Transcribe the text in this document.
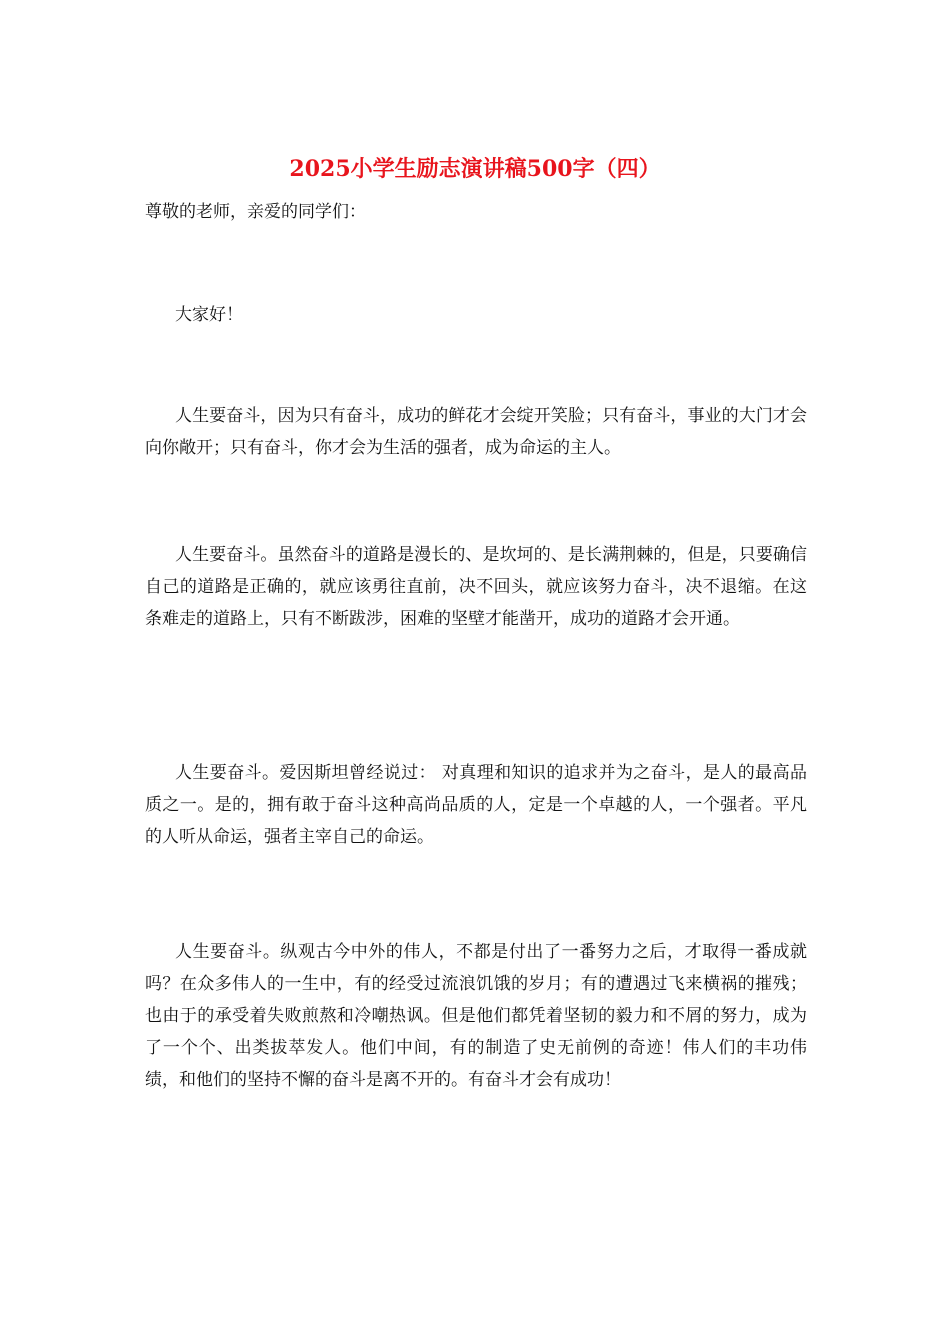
2025小学生励志演讲稿500字（四）
尊敬的老师，亲爱的同学们：

大家好！

人生要奋斗，因为只有奋斗，成功的鲜花才会绽开笑脸；只有奋斗，事业的大门才会向你敞开；只有奋斗，你才会为生活的强者，成为命运的主人。

人生要奋斗。虽然奋斗的道路是漫长的、是坎坷的、是长满荆棘的，但是，只要确信自己的道路是正确的，就应该勇往直前，决不回头，就应该努力奋斗，决不退缩。在这条难走的道路上，只有不断跋涉，困难的坚壁才能凿开，成功的道路才会开通。

人生要奋斗。爱因斯坦曾经说过： 对真理和知识的追求并为之奋斗，是人的最高品质之一。是的，拥有敢于奋斗这种高尚品质的人，定是一个卓越的人，一个强者。平凡的人听从命运，强者主宰自己的命运。

人生要奋斗。纵观古今中外的伟人，不都是付出了一番努力之后，才取得一番成就吗？在众多伟人的一生中，有的经受过流浪饥饿的岁月；有的遭遇过飞来横祸的摧残；也由于的承受着失败煎熬和冷嘲热讽。但是他们都凭着坚韧的毅力和不屑的努力，成为了一个个、出类拔萃发人。他们中间，有的制造了史无前例的奇迹！伟人们的丰功伟绩，和他们的坚持不懈的奋斗是离不开的。有奋斗才会有成功！
